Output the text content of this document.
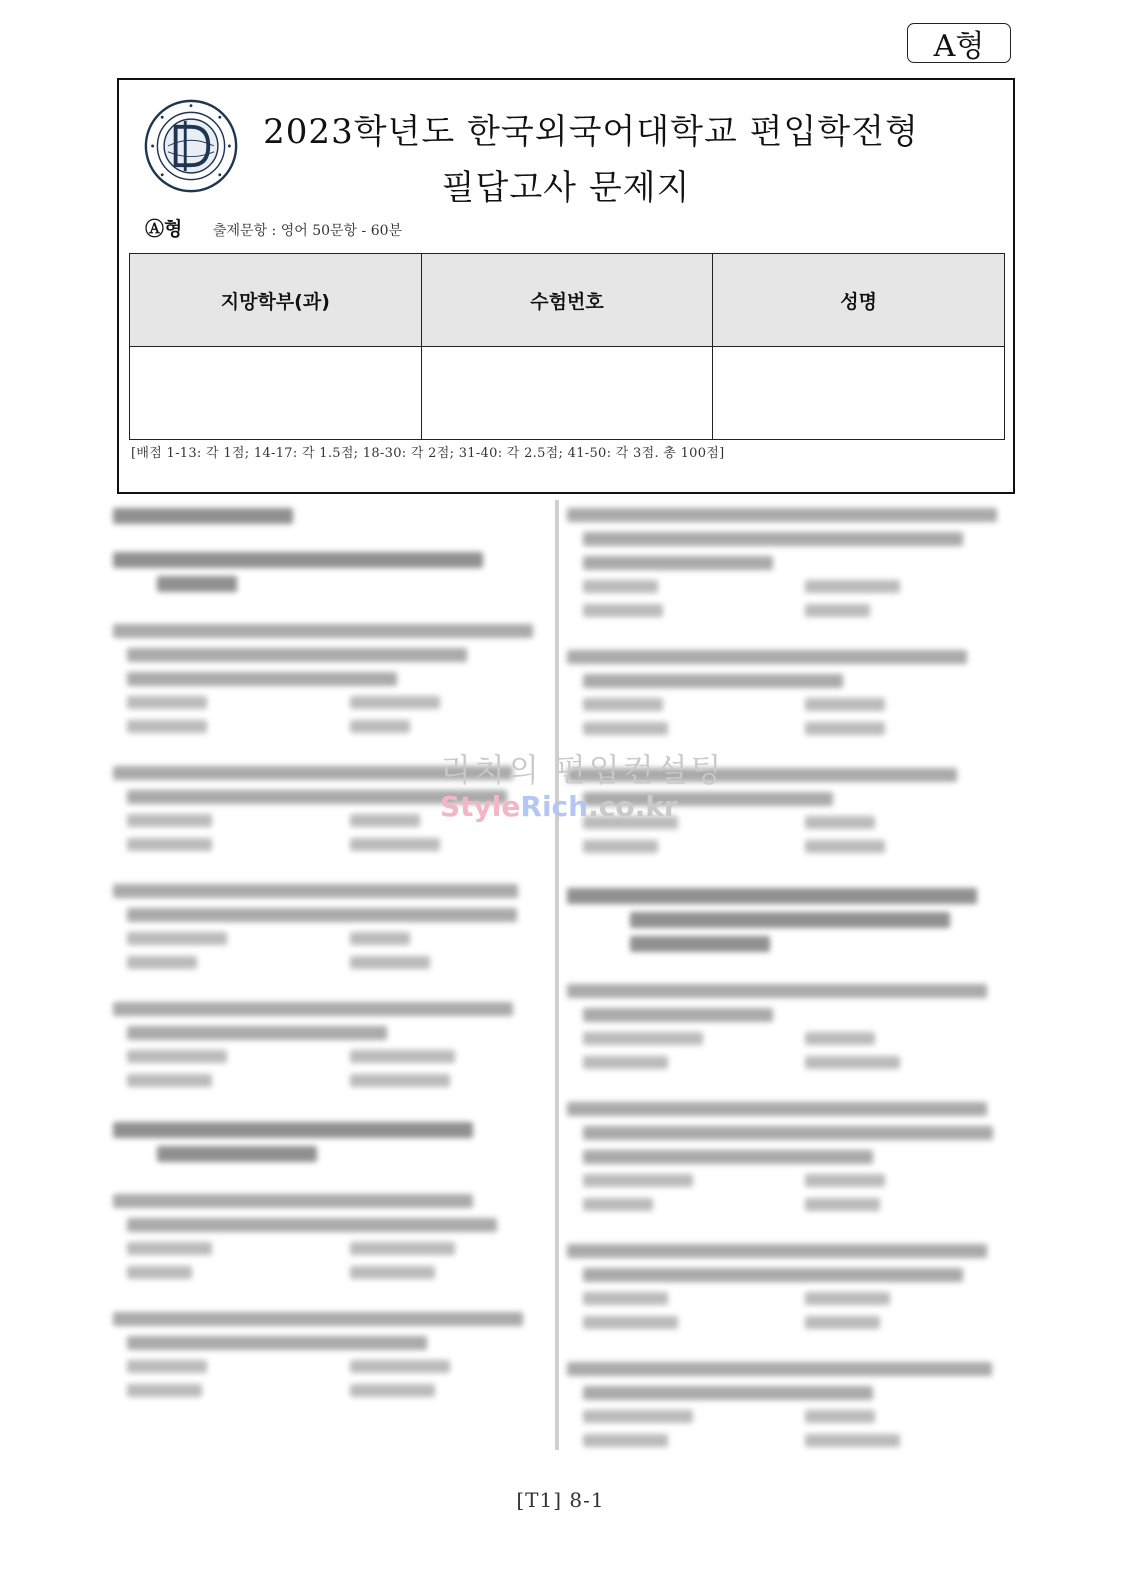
A형
2023학년도 한국외국어대학교 편입학전형
필답고사 문제지
Ⓐ형 출제문항 : 영어 50문항 - 60분
지망학부(과)	수험번호	성명

[배점 1-13: 각 1점; 14-17: 각 1.5점; 18-30: 각 2점; 31-40: 각 2.5점; 41-50: 각 3점. 총 100점]
리치의 편입컨설팅
StyleRich.co.kr
[T1] 8-1
